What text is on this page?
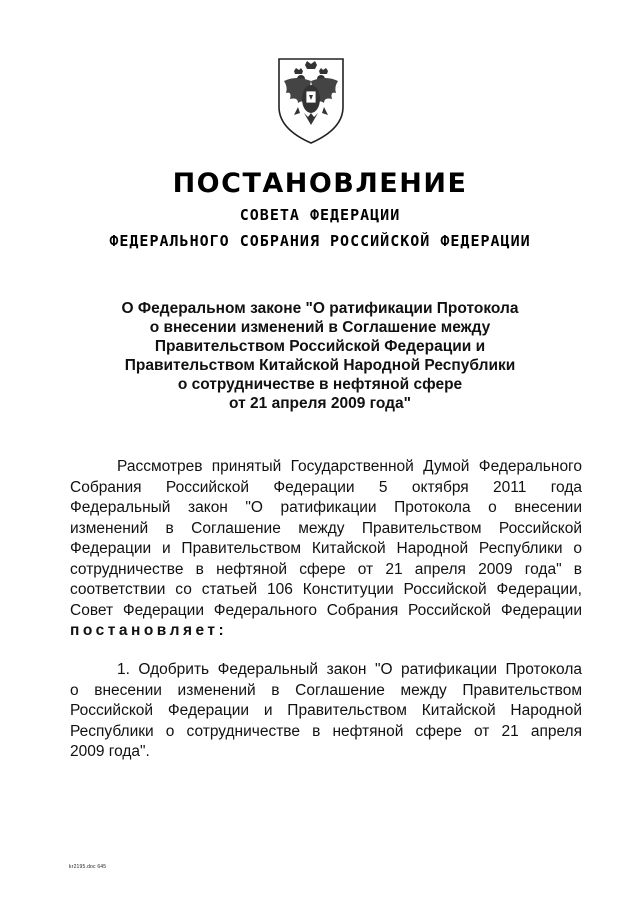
ПОСТАНОВЛЕНИЕ
СОВЕТА ФЕДЕРАЦИИ
ФЕДЕРАЛЬНОГО СОБРАНИЯ РОССИЙСКОЙ ФЕДЕРАЦИИ
О Федеральном законе "О ратификации Протокола
о внесении изменений в Соглашение между
Правительством Российской Федерации и
Правительством Китайской Народной Республики
о сотрудничестве в нефтяной сфере
от 21 апреля 2009 года"
Рассмотрев принятый Государственной Думой Федерального
Собрания Российской Федерации 5 октября 2011 года
Федеральный закон "О ратификации Протокола о внесении
изменений в Соглашение между Правительством Российской
Федерации и Правительством Китайской Народной Республики о
сотрудничестве в нефтяной сфере от 21 апреля 2009 года" в
соответствии со статьей 106 Конституции Российской Федерации,
Совет Федерации Федерального Собрания Российской Федерации
постановляет:
1. Одобрить Федеральный закон "О ратификации Протокола
о внесении изменений в Соглашение между Правительством
Российской Федерации и Правительством Китайской Народной
Республики о сотрудничестве в нефтяной сфере от 21 апреля
2009 года".
kr2195.doc 645
